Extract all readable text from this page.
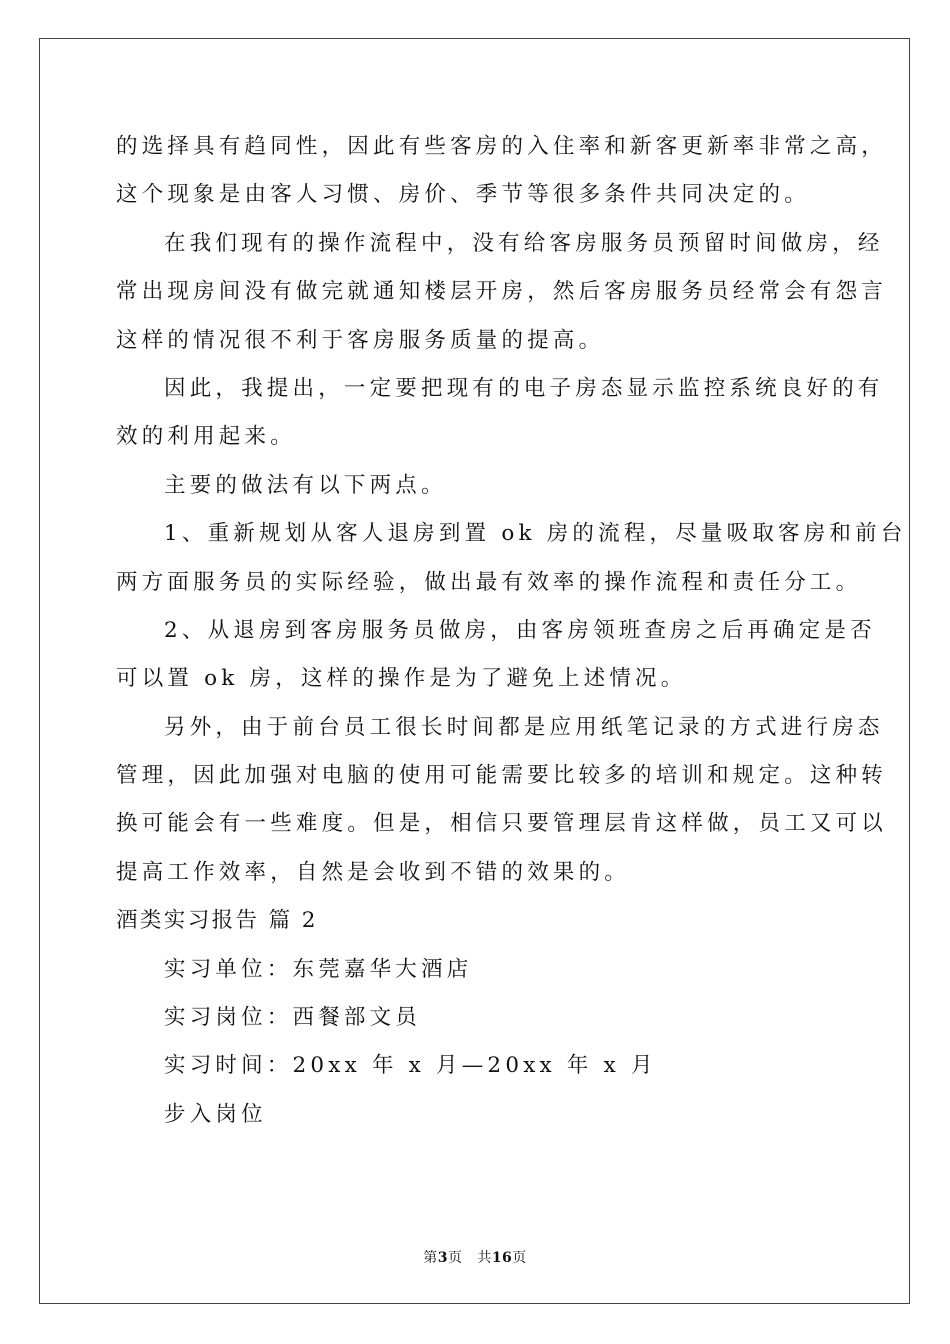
的选择具有趋同性，因此有些客房的入住率和新客更新率非常之高，
这个现象是由客人习惯、房价、季节等很多条件共同决定的。
在我们现有的操作流程中，没有给客房服务员预留时间做房，经
常出现房间没有做完就通知楼层开房，然后客房服务员经常会有怨言
这样的情况很不利于客房服务质量的提高。
因此，我提出，一定要把现有的电子房态显示监控系统良好的有
效的利用起来。
主要的做法有以下两点。
1、重新规划从客人退房到置 ok 房的流程，尽量吸取客房和前台
两方面服务员的实际经验，做出最有效率的操作流程和责任分工。
2、从退房到客房服务员做房，由客房领班查房之后再确定是否
可以置 ok 房，这样的操作是为了避免上述情况。
另外，由于前台员工很长时间都是应用纸笔记录的方式进行房态
管理，因此加强对电脑的使用可能需要比较多的培训和规定。这种转
换可能会有一些难度。但是，相信只要管理层肯这样做，员工又可以
提高工作效率，自然是会收到不错的效果的。
酒类实习报告 篇 2
实习单位：东莞嘉华大酒店
实习岗位：西餐部文员
实习时间：20xx 年 x 月—20xx 年 x 月
步入岗位
第3页 共16页
